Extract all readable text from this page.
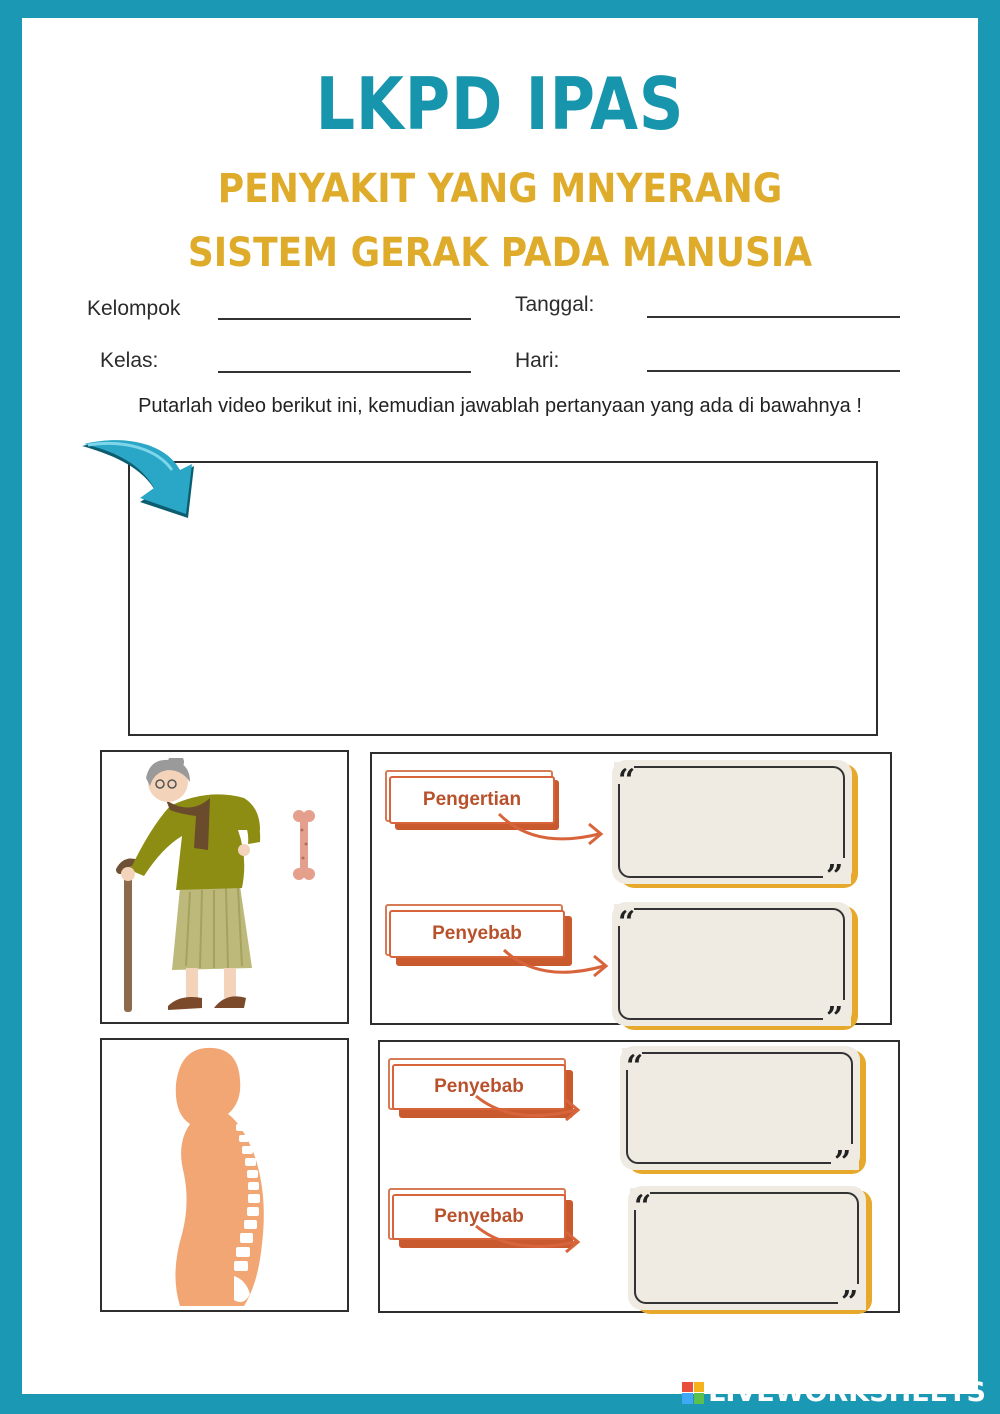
LKPD IPAS
PENYAKIT YANG MNYERANG
SISTEM GERAK PADA MANUSIA
Kelompok	Tanggal:
Kelas:	Hari:
Putarlah video berikut ini, kemudian jawablah pertanyaan yang ada di bawahnya !
Pengertian
“
”
Penyebab	“
”
Penyebab
“
”
Penyebab	“
”
LIVEWORKSHEETS
